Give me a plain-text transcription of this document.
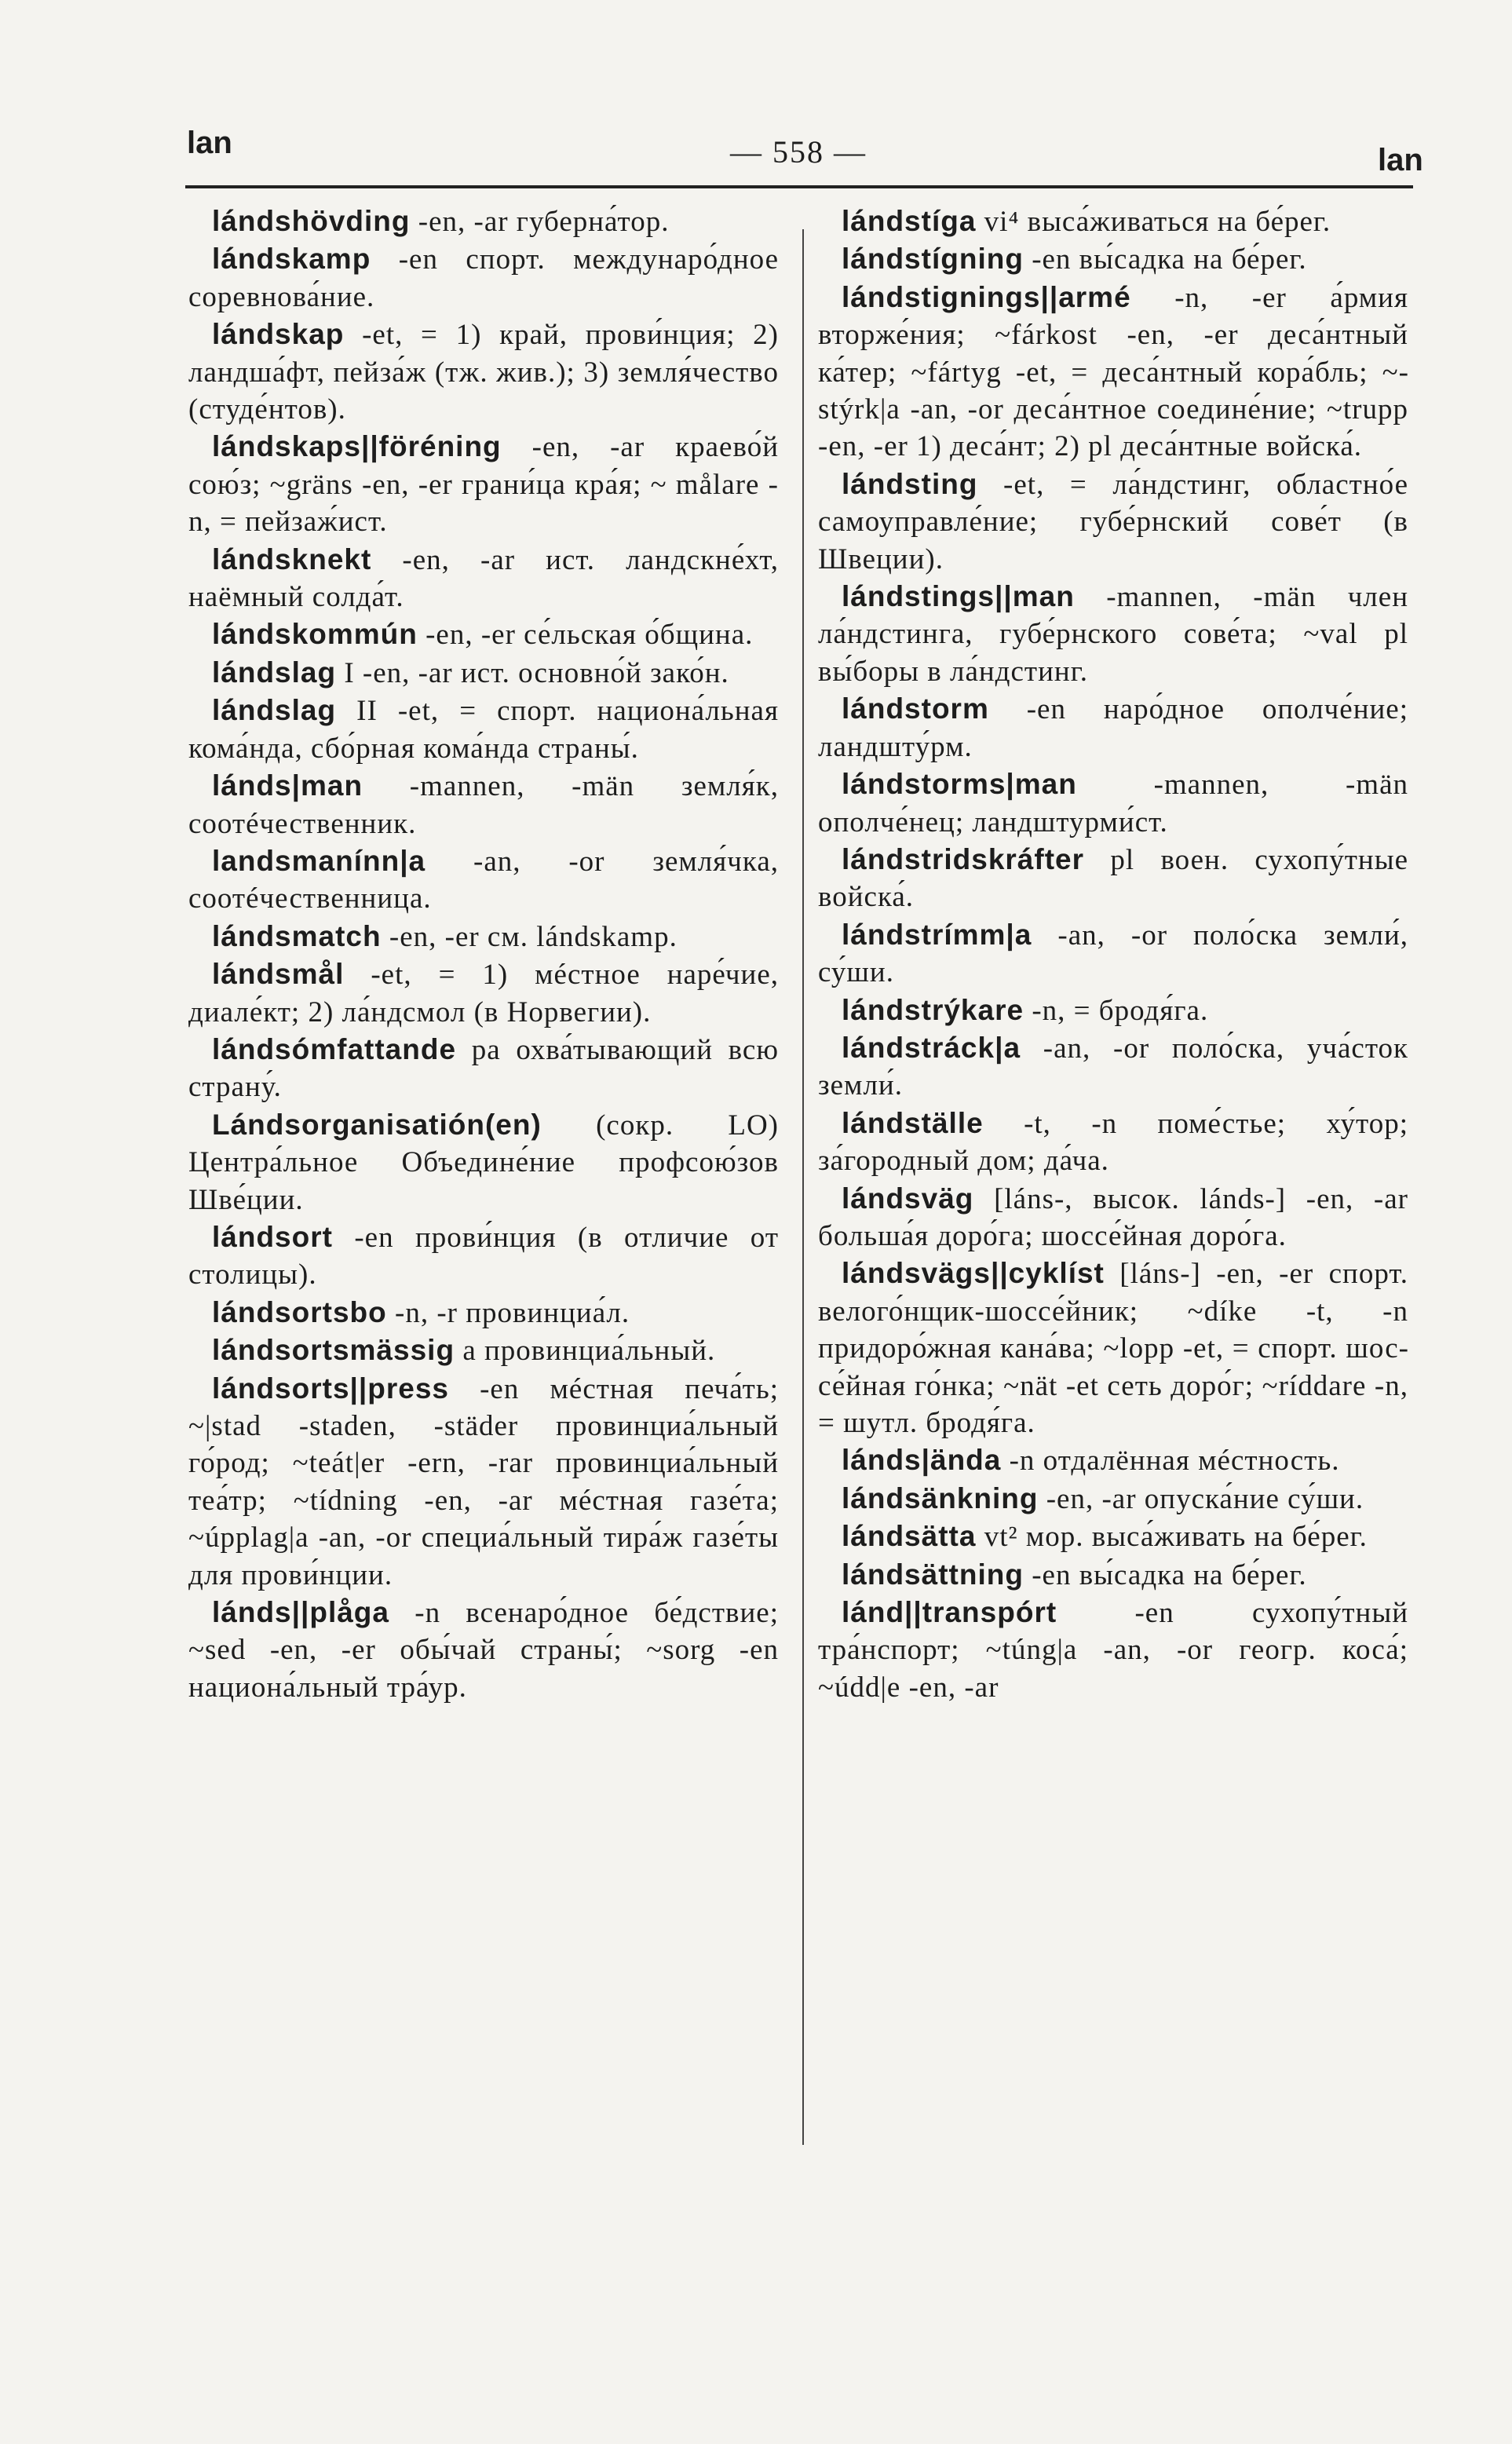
lan	— 558 —	lan

lándshövding -en, -ar губерна́тор.

lándskamp -en спорт. междунаро́дное соревнова́ние.

lándskap -et, = 1) край, прови́нция; 2) ландша́фт, пейза́ж (тж. жив.); 3) земля́чество (студе́нтов).

lándskaps||föréning -en, -ar краево́й сою́з; ~gräns -en, -er грани́ца кра́я; ~ målare -n, = пейзаж́ист.

lándsknekt -en, -ar ист. ландскне́хт, наёмный солда́т.

lándskommún -en, -er се́льская о́бщина.

lándslag I -en, -ar ист. основно́й зако́н.

lándslag II -et, = спорт. национа́льная кома́нда, сбо́рная кома́нда страны́.

lánds|man -mannen, -män земля́к, соотéчественник.

landsmanínn|a -an, -or земля́чка, соотéчественница.

lándsmatch -en, -er см. lándskamp.

lándsmål -et, = 1) мéстное наре́чие, диале́кт; 2) ла́ндсмол (в Норвегии).

lándsómfattande pa охва́тывающий всю страну́.

Lándsorganisatión(en) (сокр. LO) Центра́льное Объедине́ние профсою́зов Шве́ции.

lándsort -en прови́нция (в отличие от столицы).

lándsortsbo -n, -r провинциа́л.

lándsortsmässig a провинциа́льный.

lándsorts||press -en мéстная печа́ть; ~|stad -staden, -städer провинциа́льный го́род; ~teát|er -ern, -rar провинциа́льный теа́тр; ~tídning -en, -ar мéстная газе́та; ~úpplag|a -an, -or специа́льный тира́ж газе́ты для прови́нции.

lánds||plåga -n всенаро́дное бе́дствие; ~sed -en, -er обы́чай страны́; ~sorg -en национа́льный тра́ур.

lándstíga vi⁴ выса́живаться на бе́рег.

lándstígning -en вы́садка на бе́рег.

lándstignings||armé -n, -er а́рмия вторже́ния; ~fárkost -en, -er деса́нтный ка́тер; ~fártyg -et, = деса́нтный кора́бль; ~stýrk|a -an, -or деса́нтное соедине́ние; ~trupp -en, -er 1) деса́нт; 2) pl деса́нтные войска́.

lándsting -et, = ла́ндстинг, областно́е самоуправле́ние; губе́рнский сове́т (в Швеции).

lándstings||man -mannen, -män член ла́ндстинга, губе́рнского сове́та; ~val pl вы́боры в ла́ндстинг.

lándstorm -en наро́дное ополче́ние; ландшту́рм.

lándstorms|man -mannen, -män ополче́нец; ландштурми́ст.

lándstridskráfter pl воен. сухопу́тные войска́.

lándstrímm|a -an, -or поло́ска земли́, су́ши.

lándstrýkare -n, = бродя́га.

lándstráck|a -an, -or поло́ска, уча́сток земли́.

lándställe -t, -n поме́стье; ху́тор; за́городный дом; да́ча.

lándsväg [láns-, высок. lánds-] -en, -ar больша́я доро́га; шоссе́йная доро́га.

lándsvägs||cyklíst [láns-] -en, -er спорт. велого́нщик-шоссе́йник; ~díke -t, -n придоро́жная кана́ва; ~lopp -et, = спорт. шоссе́йная го́нка; ~nät -et сеть доро́г; ~ríddare -n, = шутл. бродя́га.

lánds|ända -n отдалённая мéстность.

lándsänkning -en, -ar опуска́ние су́ши.

lándsätta vt² мор. выса́живать на бе́рег.

lándsättning -en вы́садка на бе́рег.

lánd||transpórt -en сухопу́тный тра́нспорт; ~túng|a -an, -or геогр. коса́; ~údd|e -en, -ar
